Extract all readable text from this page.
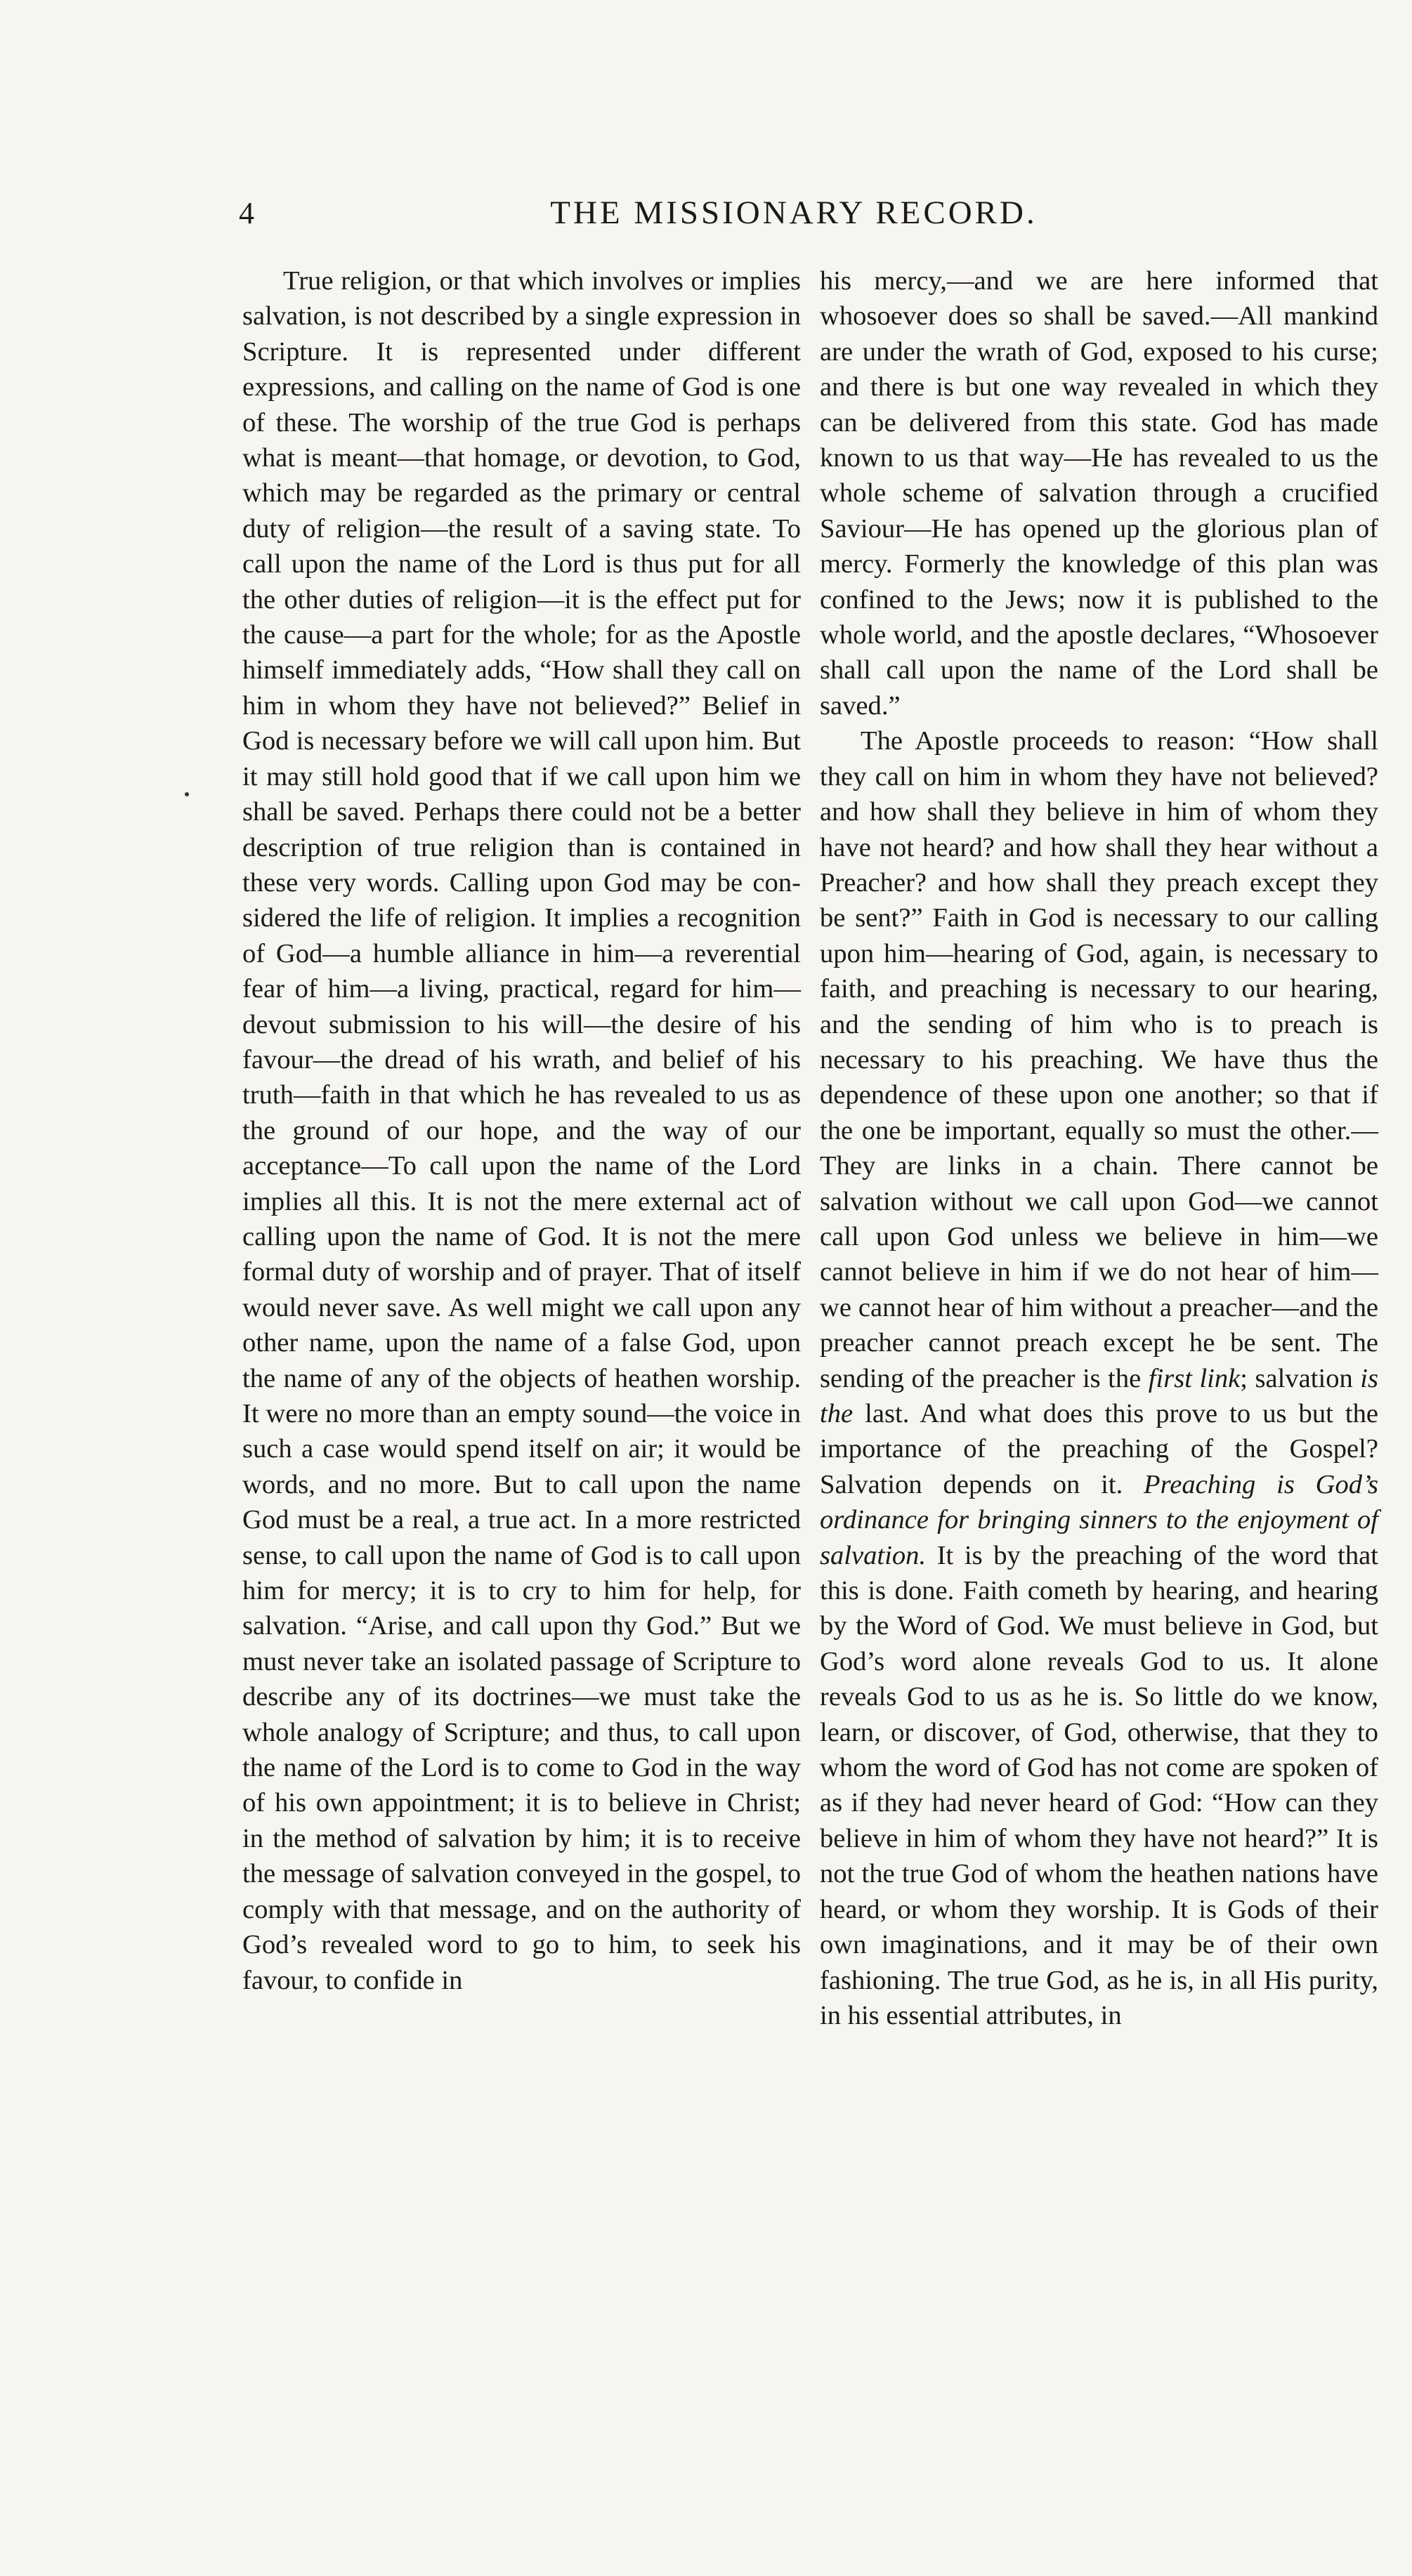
4	THE MISSIONARY RECORD.

True religion, or that which involves or implies salvation, is not described by a single expression in Scripture. It is represented under different expressions, and calling on the name of God is one of these. The worship of the true God is perhaps what is meant—that homage, or devotion, to God, which may be regarded as the primary or central duty of religion—the result of a saving state. To call upon the name of the Lord is thus put for all the other duties of religion—it is the effect put for the cause—a part for the whole; for as the Apostle himself immediately adds, “How shall they call on him in whom they have not believed?” Belief in God is necessary before we will call upon him. But it may still hold good that if we call upon him we shall be saved. Perhaps there could not be a better description of true religion than is contained in these very words. Calling upon God may be considered the life of religion. It implies a recognition of God—a humble alliance in him—a reverential fear of him—a living, practical, regard for him—devout submission to his will—the desire of his favour—the dread of his wrath, and belief of his truth—faith in that which he has revealed to us as the ground of our hope, and the way of our acceptance—To call upon the name of the Lord implies all this. It is not the mere external act of calling upon the name of God. It is not the mere formal duty of worship and of prayer. That of itself would never save. As well might we call upon any other name, upon the name of a false God, upon the name of any of the objects of heathen worship. It were no more than an empty sound—the voice in such a case would spend itself on air; it would be words, and no more. But to call upon the name God must be a real, a true act. In a more restricted sense, to call upon the name of God is to call upon him for mercy; it is to cry to him for help, for salvation. “Arise, and call upon thy God.” But we must never take an isolated passage of Scripture to describe any of its doctrines—we must take the whole analogy of Scripture; and thus, to call upon the name of the Lord is to come to God in the way of his own appointment; it is to believe in Christ; in the method of salvation by him; it is to receive the message of salvation conveyed in the gospel, to comply with that message, and on the authority of God’s revealed word to go to him, to seek his favour, to confide in

his mercy,—and we are here informed that whosoever does so shall be saved.—All mankind are under the wrath of God, exposed to his curse; and there is but one way revealed in which they can be delivered from this state. God has made known to us that way—He has revealed to us the whole scheme of salvation through a crucified Saviour—He has opened up the glorious plan of mercy. Formerly the knowledge of this plan was confined to the Jews; now it is published to the whole world, and the apostle declares, “Whosoever shall call upon the name of the Lord shall be saved.”

The Apostle proceeds to reason: “How shall they call on him in whom they have not believed? and how shall they believe in him of whom they have not heard? and how shall they hear without a Preacher? and how shall they preach except they be sent?” Faith in God is necessary to our calling upon him—hearing of God, again, is necessary to faith, and preaching is necessary to our hearing, and the sending of him who is to preach is necessary to his preaching. We have thus the dependence of these upon one another; so that if the one be important, equally so must the other.—They are links in a chain. There cannot be salvation without we call upon God—we cannot call upon God unless we believe in him—we cannot believe in him if we do not hear of him—we cannot hear of him without a preacher—and the preacher cannot preach except he be sent. The sending of the preacher is the first link; salvation is the last. And what does this prove to us but the importance of the preaching of the Gospel? Salvation depends on it. Preaching is God’s ordinance for bringing sinners to the enjoyment of salvation. It is by the preaching of the word that this is done. Faith cometh by hearing, and hearing by the Word of God. We must believe in God, but God’s word alone reveals God to us. It alone reveals God to us as he is. So little do we know, learn, or discover, of God, otherwise, that they to whom the word of God has not come are spoken of as if they had never heard of God: “How can they believe in him of whom they have not heard?” It is not the true God of whom the heathen nations have heard, or whom they worship. It is Gods of their own imaginations, and it may be of their own fashioning. The true God, as he is, in all His purity, in his essential attributes, in
